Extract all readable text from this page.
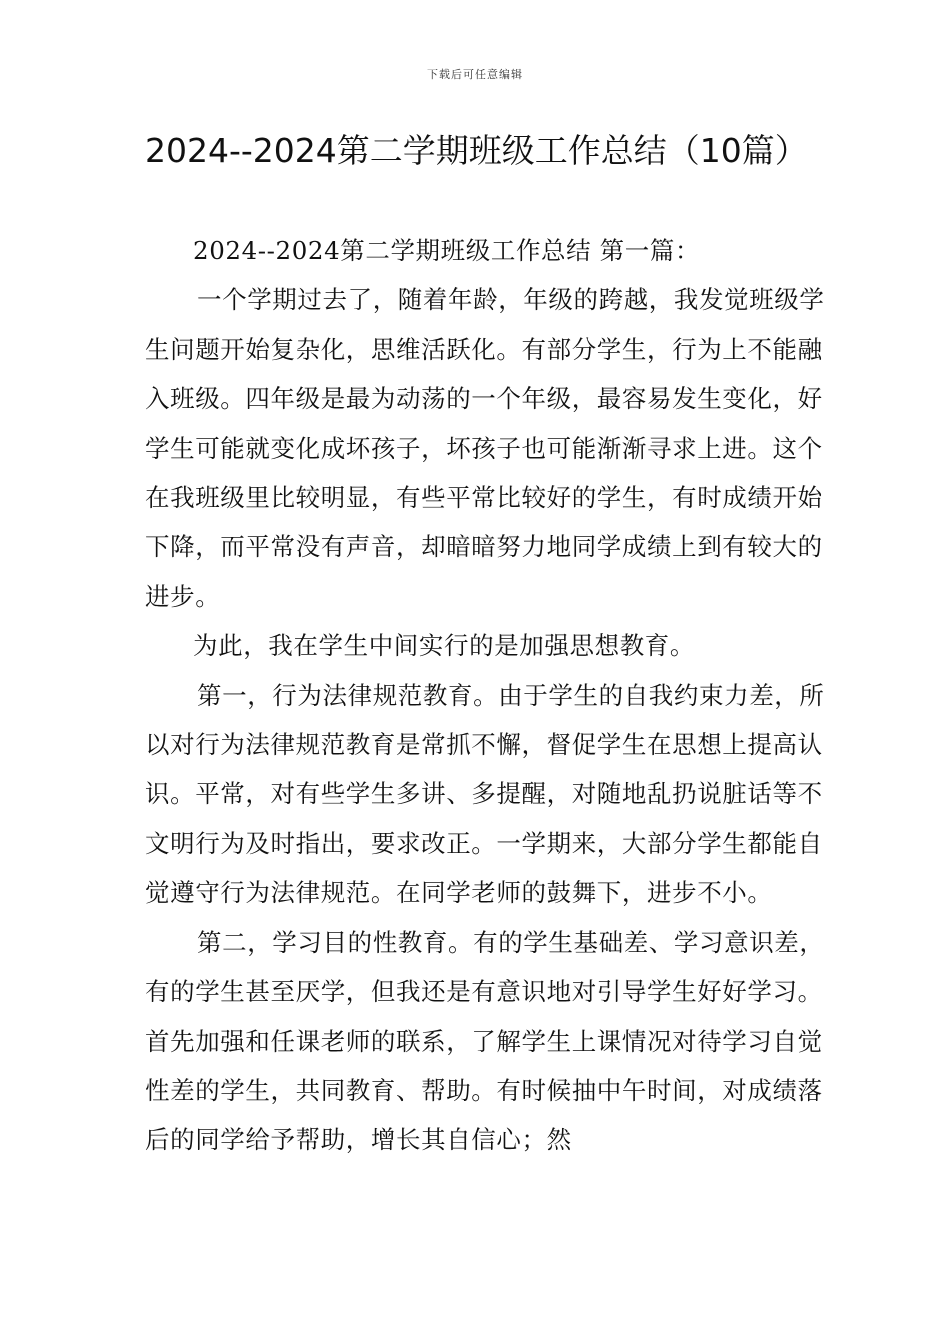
下载后可任意编辑
2024--2024第二学期班级工作总结（10篇）

2024--2024第二学期班级工作总结 第一篇：

一个学期过去了，随着年龄，年级的跨越，我发觉班级学生问题开始复杂化，思维活跃化。有部分学生，行为上不能融入班级。四年级是最为动荡的一个年级，最容易发生变化，好学生可能就变化成坏孩子，坏孩子也可能渐渐寻求上进。这个在我班级里比较明显，有些平常比较好的学生，有时成绩开始下降，而平常没有声音，却暗暗努力地同学成绩上到有较大的进步。

为此，我在学生中间实行的是加强思想教育。

第一，行为法律规范教育。由于学生的自我约束力差，所以对行为法律规范教育是常抓不懈，督促学生在思想上提高认识。平常，对有些学生多讲、多提醒，对随地乱扔说脏话等不文明行为及时指出，要求改正。一学期来，大部分学生都能自觉遵守行为法律规范。在同学老师的鼓舞下，进步不小。

第二，学习目的性教育。有的学生基础差、学习意识差，有的学生甚至厌学，但我还是有意识地对引导学生好好学习。首先加强和任课老师的联系，了解学生上课情况对待学习自觉性差的学生，共同教育、帮助。有时候抽中午时间，对成绩落后的同学给予帮助，增长其自信心；然
